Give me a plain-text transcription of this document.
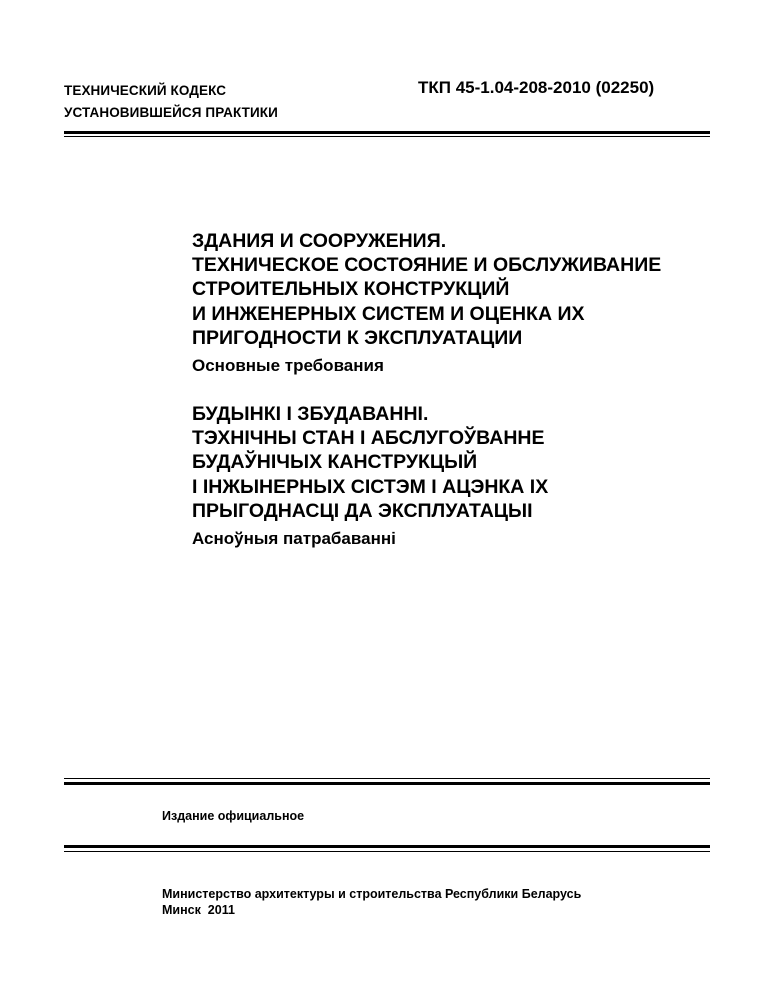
ТЕХНИЧЕСКИЙ КОДЕКС
УСТАНОВИВШЕЙСЯ ПРАКТИКИ
ТКП 45-1.04-208-2010 (02250)
ЗДАНИЯ И СООРУЖЕНИЯ.
ТЕХНИЧЕСКОЕ СОСТОЯНИЕ И ОБСЛУЖИВАНИЕ
СТРОИТЕЛЬНЫХ КОНСТРУКЦИЙ
И ИНЖЕНЕРНЫХ СИСТЕМ И ОЦЕНКА ИХ
ПРИГОДНОСТИ К ЭКСПЛУАТАЦИИ
Основные требования
БУДЫНКІ І ЗБУДАВАННІ.
ТЭХНІЧНЫ СТАН І АБСЛУГОЎВАННЕ
БУДАЎНІЧЫХ КАНСТРУКЦЫЙ
І ІНЖЫНЕРНЫХ СІСТЭМ І АЦЭНКА ІХ
ПРЫГОДНАСЦІ ДА ЭКСПЛУАТАЦЫІ
Асноўныя патрабаванні
Издание официальное
Министерство архитектуры и строительства Республики Беларусь
Минск  2011
